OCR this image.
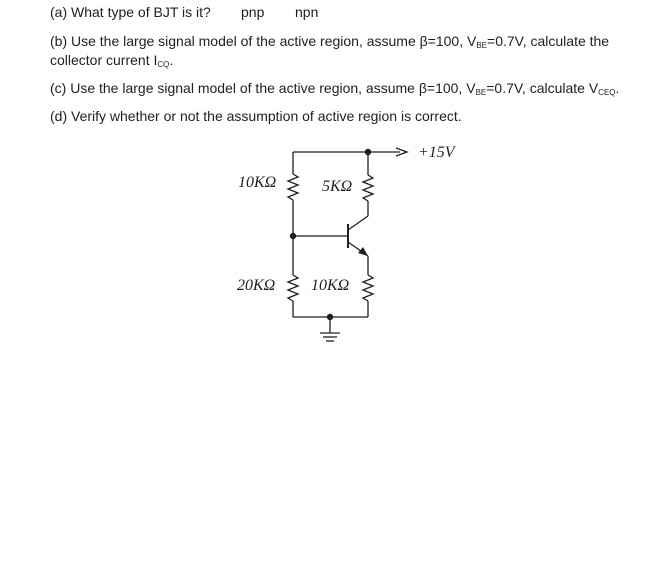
(a) What type of BJT is it? pnp npn
(b) Use the large signal model of the active region, assume β=100, $V_{BE}=0.7V$, calculate the
collector current $I_{CQ}$.
(c) Use the large signal model of the active region, assume β=100, $V_{BE}=0.7V$, calculate $V_{CEQ}$.
(d) Verify whether or not the assumption of active region is correct.
+15V
10KΩ	5KΩ
20KΩ 10KΩ
